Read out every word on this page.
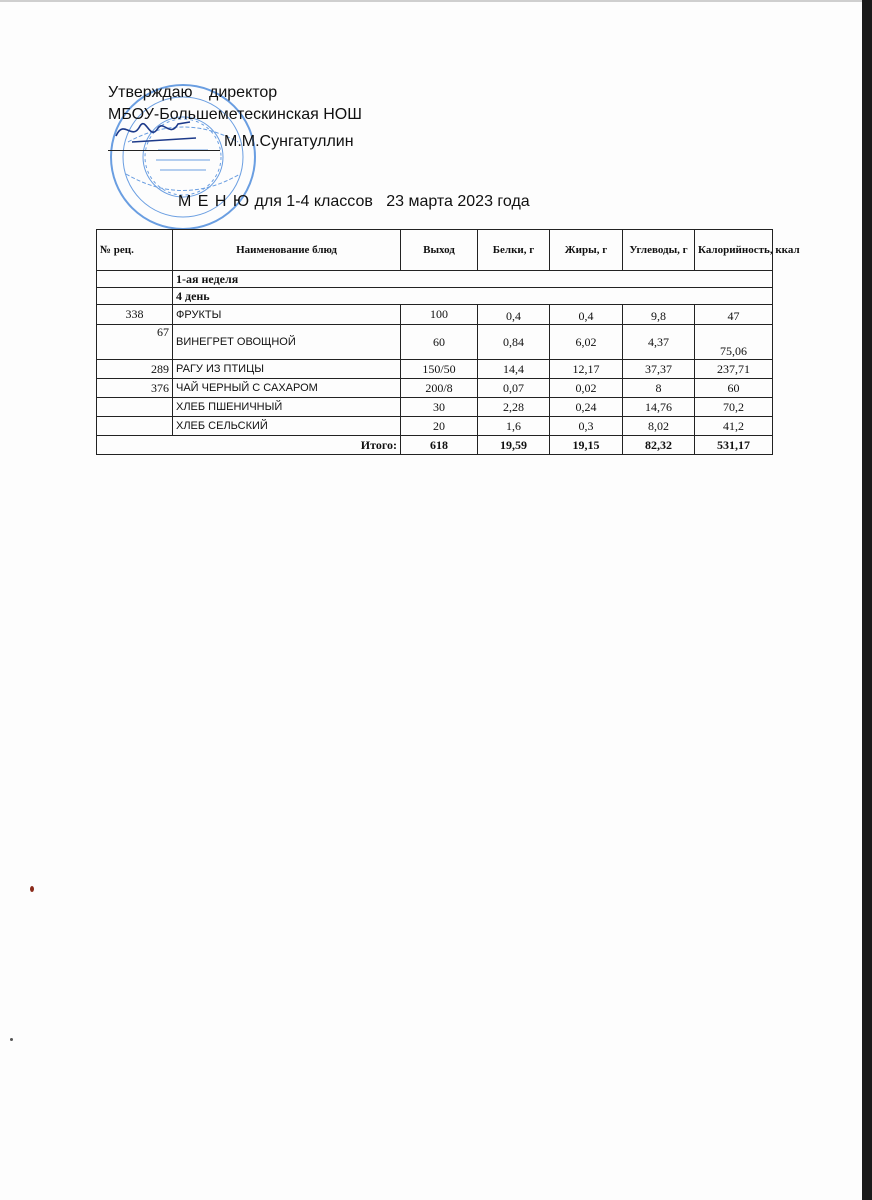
Утверждаю директор
МБОУ-Большеметескинская НОШ
М.М.Сунгатуллин
М Е Н Ю для 1-4 классов   23 марта 2023 года
№ рец.	Наименование блюд	Выход	Белки, г	Жиры, г	Углеводы, г	Калорийность, ккал
	1-ая неделя					
	4 день					
338	ФРУКТЫ	100	0,4	0,4	9,8	47
67	ВИНЕГРЕТ ОВОЩНОЙ	60	0,84	6,02	4,37	75,06
289	РАГУ ИЗ ПТИЦЫ	150/50	14,4	12,17	37,37	237,71
376	ЧАЙ ЧЕРНЫЙ С САХАРОМ	200/8	0,07	0,02	8	60
	ХЛЕБ ПШЕНИЧНЫЙ	30	2,28	0,24	14,76	70,2
	ХЛЕБ СЕЛЬСКИЙ	20	1,6	0,3	8,02	41,2
Итого:		618	19,59	19,15	82,32	531,17
